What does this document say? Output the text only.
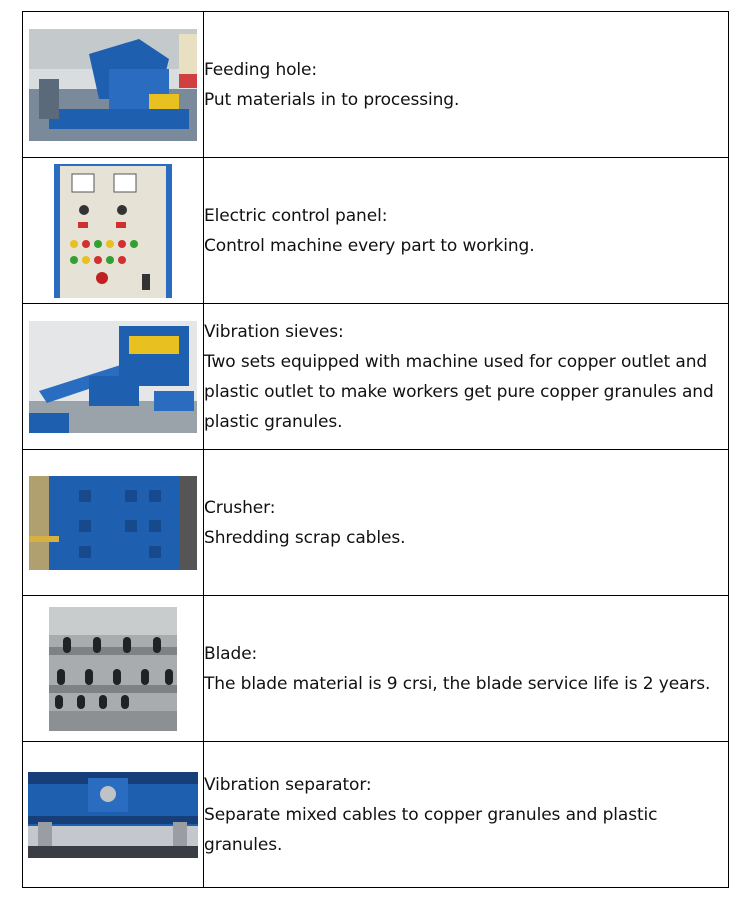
Feeding hole:
Put materials in to processing.

Electric control panel:
Control machine every part to working.

Vibration sieves:
Two sets equipped with machine used for copper outlet and plastic outlet to make workers get pure copper granules and plastic granules.

Crusher:
Shredding scrap cables.

Blade:
The blade material is 9 crsi, the blade service life is 2 years.

Vibration separator:
Separate mixed cables to copper granules and plastic granules.
